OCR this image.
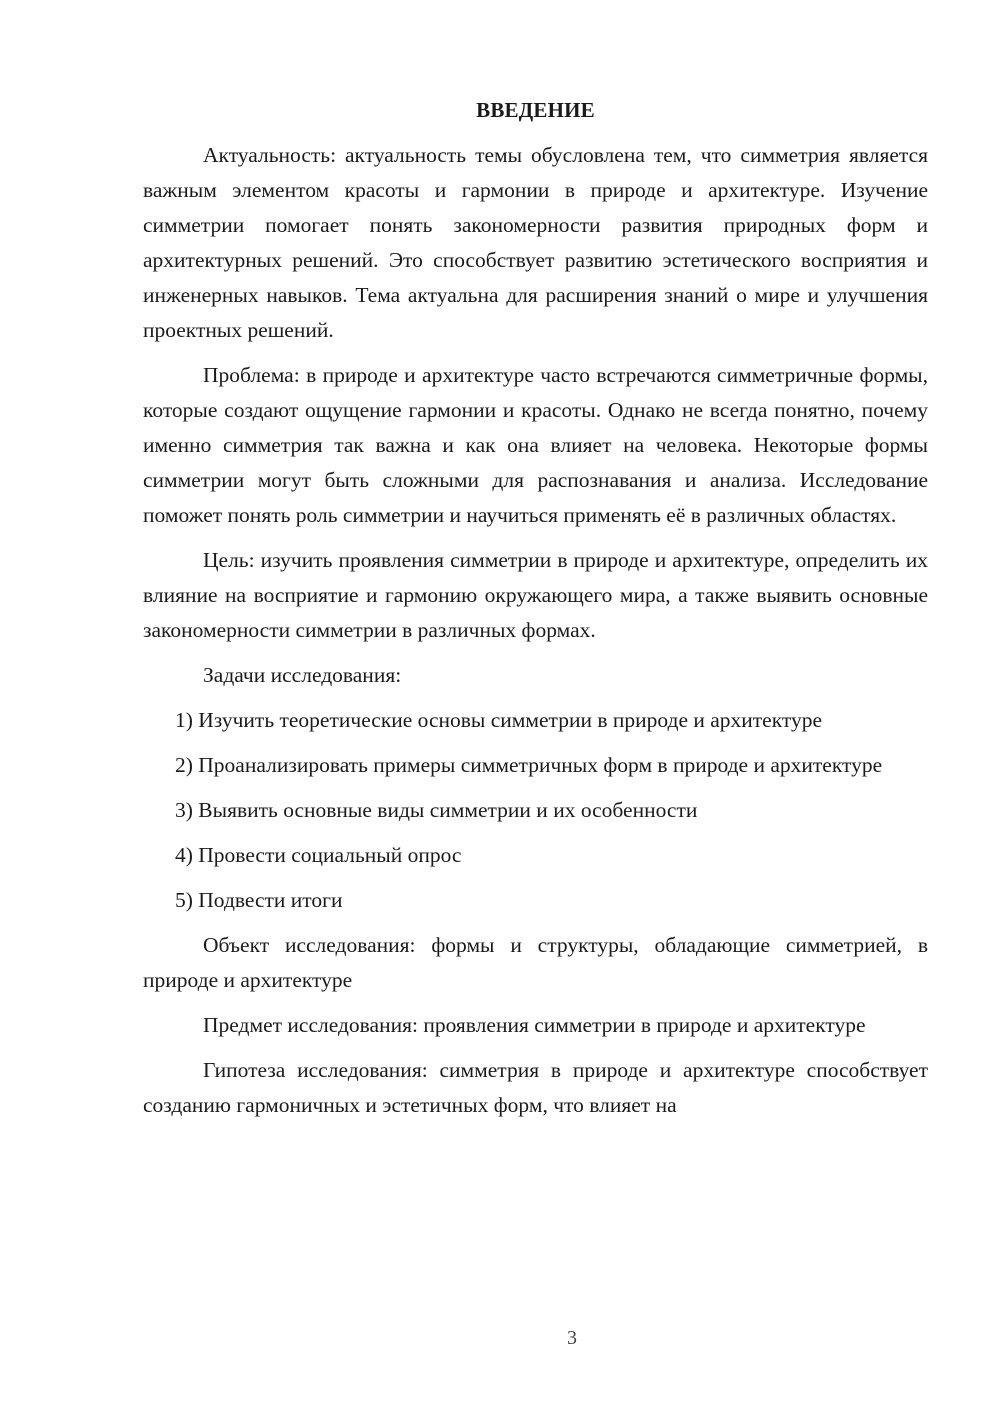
ВВЕДЕНИЕ

Актуальность: актуальность темы обусловлена тем, что симметрия является важным элементом красоты и гармонии в природе и архитектуре. Изучение симметрии помогает понять закономерности развития природных форм и архитектурных решений. Это способствует развитию эстетического восприятия и инженерных навыков. Тема актуальна для расширения знаний о мире и улучшения проектных решений.

Проблема: в природе и архитектуре часто встречаются симметричные формы, которые создают ощущение гармонии и красоты. Однако не всегда понятно, почему именно симметрия так важна и как она влияет на человека. Некоторые формы симметрии могут быть сложными для распознавания и анализа. Исследование поможет понять роль симметрии и научиться применять её в различных областях.

Цель: изучить проявления симметрии в природе и архитектуре, определить их влияние на восприятие и гармонию окружающего мира, а также выявить основные закономерности симметрии в различных формах.

Задачи исследования:

1) Изучить теоретические основы симметрии в природе и архитектуре

2) Проанализировать примеры симметричных форм в природе и архитектуре

3) Выявить основные виды симметрии и их особенности

4) Провести социальный опрос

5) Подвести итоги

Объект исследования: формы и структуры, обладающие симметрией, в природе и архитектуре

Предмет исследования: проявления симметрии в природе и архитектуре

Гипотеза исследования: симметрия в природе и архитектуре способствует созданию гармоничных и эстетичных форм, что влияет на

3
